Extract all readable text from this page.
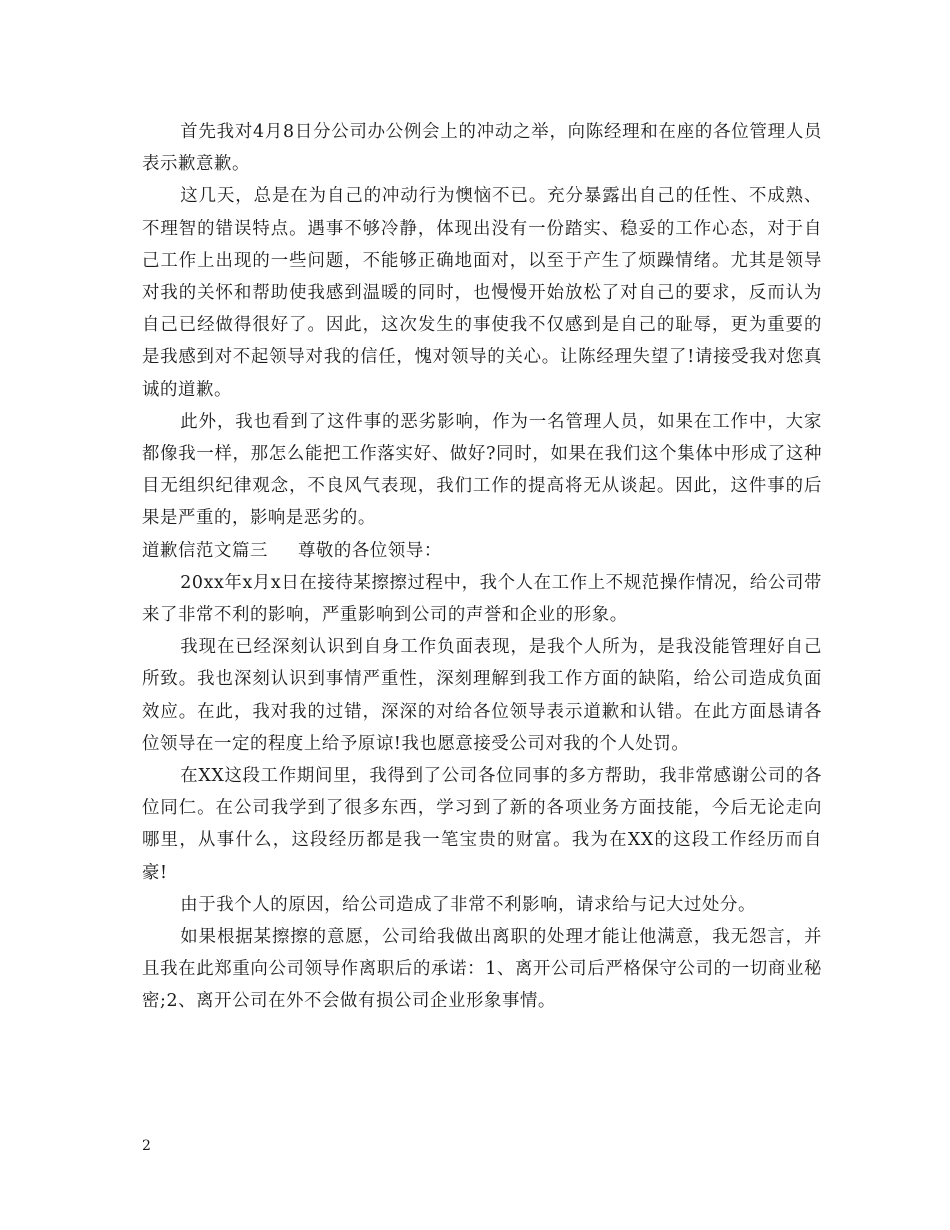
首先我对4月8日分公司办公例会上的冲动之举，向陈经理和在座的各位管理人员表示歉意歉。

这几天，总是在为自己的冲动行为懊恼不已。充分暴露出自己的任性、不成熟、不理智的错误特点。遇事不够冷静，体现出没有一份踏实、稳妥的工作心态，对于自己工作上出现的一些问题，不能够正确地面对，以至于产生了烦躁情绪。尤其是领导对我的关怀和帮助使我感到温暖的同时，也慢慢开始放松了对自己的要求，反而认为自己已经做得很好了。因此，这次发生的事使我不仅感到是自己的耻辱，更为重要的是我感到对不起领导对我的信任，愧对领导的关心。让陈经理失望了!请接受我对您真诚的道歉。

此外，我也看到了这件事的恶劣影响，作为一名管理人员，如果在工作中，大家都像我一样，那怎么能把工作落实好、做好?同时，如果在我们这个集体中形成了这种目无组织纪律观念，不良风气表现，我们工作的提高将无从谈起。因此，这件事的后果是严重的，影响是恶劣的。

道歉信范文篇三 尊敬的各位领导：

20xx年x月x日在接待某擦擦过程中，我个人在工作上不规范操作情况，给公司带来了非常不利的影响，严重影响到公司的声誉和企业的形象。

我现在已经深刻认识到自身工作负面表现，是我个人所为，是我没能管理好自己所致。我也深刻认识到事情严重性，深刻理解到我工作方面的缺陷，给公司造成负面效应。在此，我对我的过错，深深的对给各位领导表示道歉和认错。在此方面恳请各位领导在一定的程度上给予原谅!我也愿意接受公司对我的个人处罚。

在XX这段工作期间里，我得到了公司各位同事的多方帮助，我非常感谢公司的各位同仁。在公司我学到了很多东西，学习到了新的各项业务方面技能，今后无论走向哪里，从事什么，这段经历都是我一笔宝贵的财富。我为在XX的这段工作经历而自豪!

由于我个人的原因，给公司造成了非常不利影响，请求给与记大过处分。

如果根据某擦擦的意愿，公司给我做出离职的处理才能让他满意，我无怨言，并且我在此郑重向公司领导作离职后的承诺：1、离开公司后严格保守公司的一切商业秘密;2、离开公司在外不会做有损公司企业形象事情。

2
